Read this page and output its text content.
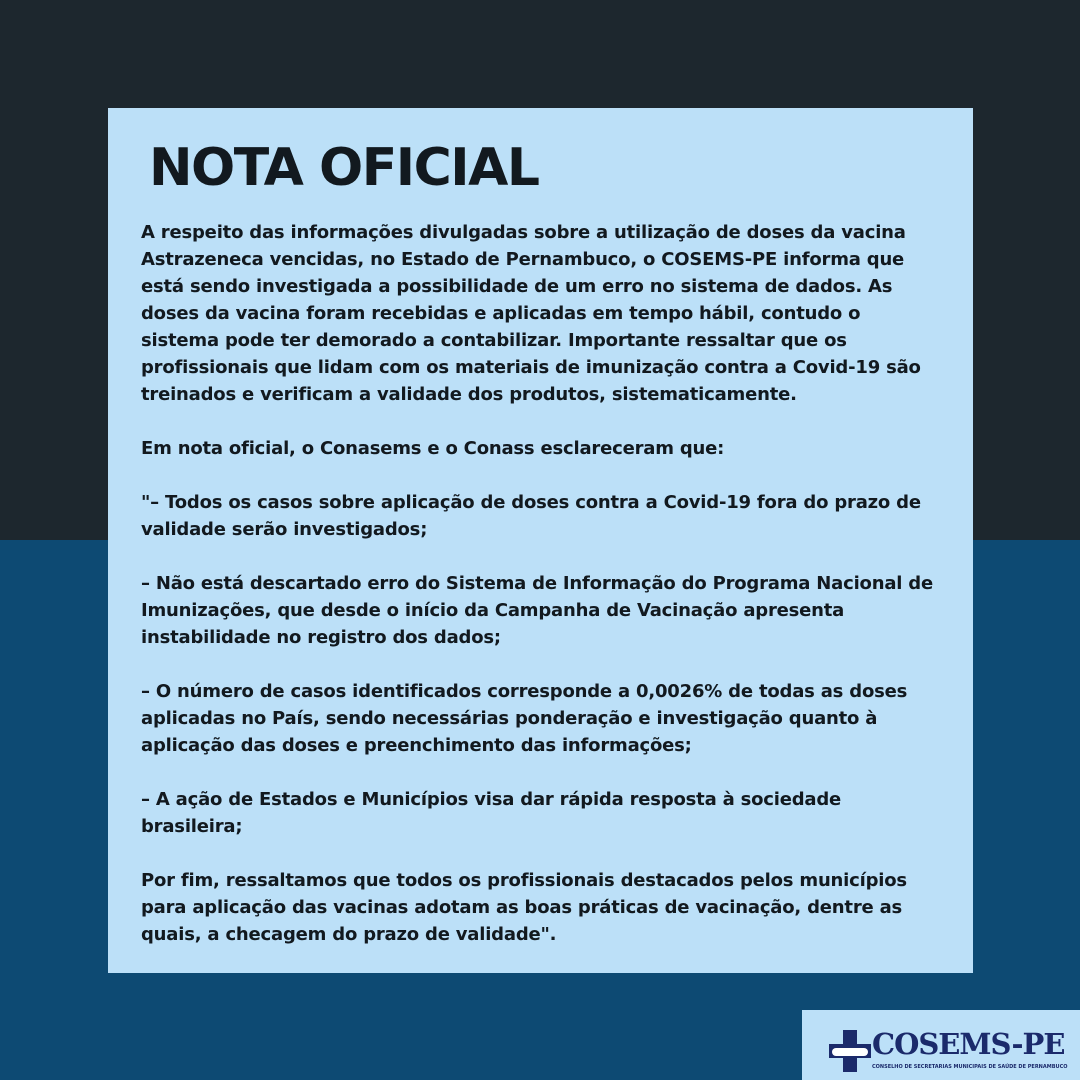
NOTA OFICIAL

A respeito das informações divulgadas sobre a utilização de doses da vacina Astrazeneca vencidas, no Estado de Pernambuco, o COSEMS-PE informa que está sendo investigada a possibilidade de um erro no sistema de dados. As doses da vacina foram recebidas e aplicadas em tempo hábil, contudo o sistema pode ter demorado a contabilizar. Importante ressaltar que os profissionais que lidam com os materiais de imunização contra a Covid-19 são treinados e verificam a validade dos produtos, sistematicamente.

Em nota oficial, o Conasems e o Conass esclareceram que:

"– Todos os casos sobre aplicação de doses contra a Covid-19 fora do prazo de validade serão investigados;

– Não está descartado erro do Sistema de Informação do Programa Nacional de Imunizações, que desde o início da Campanha de Vacinação apresenta instabilidade no registro dos dados;

– O número de casos identificados corresponde a 0,0026% de todas as doses aplicadas no País, sendo necessárias ponderação e investigação quanto à aplicação das doses e preenchimento das informações;

– A ação de Estados e Municípios visa dar rápida resposta à sociedade brasileira;

Por fim, ressaltamos que todos os profissionais destacados pelos municípios para aplicação das vacinas adotam as boas práticas de vacinação, dentre as quais, a checagem do prazo de validade".

COSEMS-PE
CONSELHO DE SECRETARIAS MUNICIPAIS DE SAÚDE DE PERNAMBUCO
